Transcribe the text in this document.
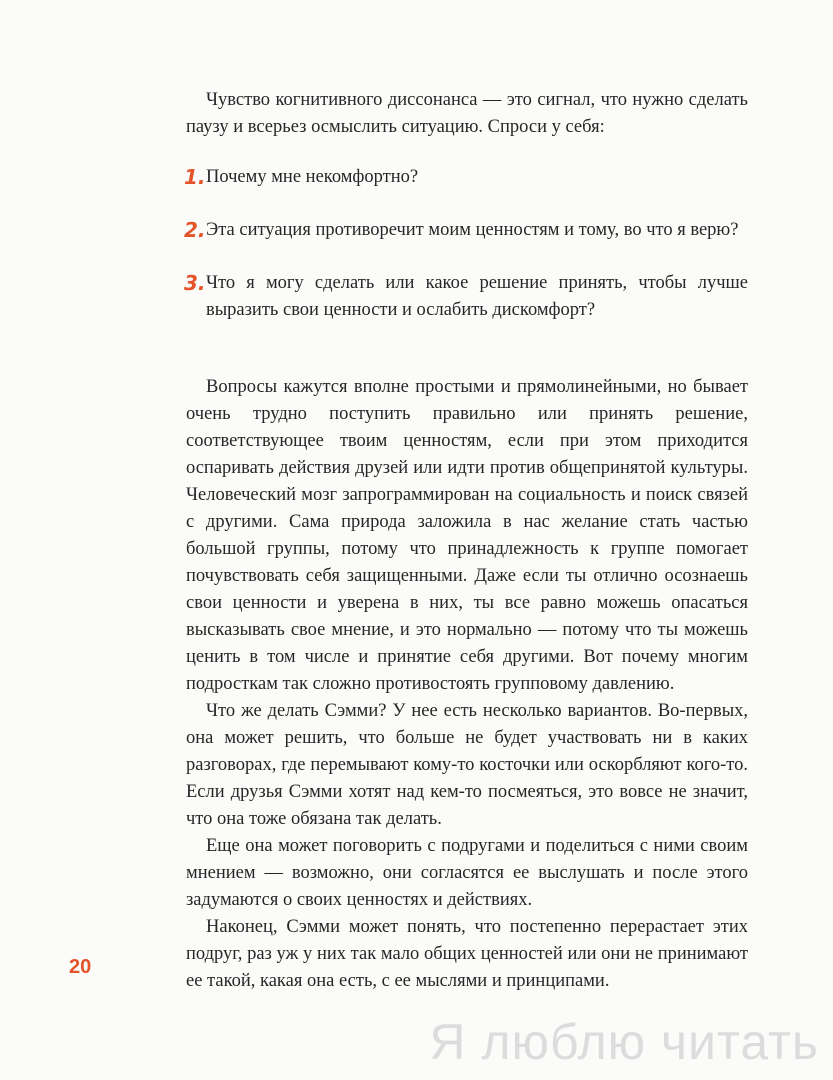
Чувство когнитивного диссонанса — это сигнал, что нужно сделать паузу и всерьез осмыслить ситуацию. Спроси у себя:

1. Почему мне некомфортно?
2. Эта ситуация противоречит моим ценностям и тому, во что я верю?
3. Что я могу сделать или какое решение принять, чтобы лучше выразить свои ценности и ослабить дискомфорт?

Вопросы кажутся вполне простыми и прямолинейными, но бывает очень трудно поступить правильно или принять решение, соответствующее твоим ценностям, если при этом приходится оспаривать действия друзей или идти против общепринятой культуры. Человеческий мозг запрограммирован на социальность и поиск связей с другими. Сама природа заложила в нас желание стать частью большой группы, потому что принадлежность к группе помогает почувствовать себя защищенными. Даже если ты отлично осознаешь свои ценности и уверена в них, ты все равно можешь опасаться высказывать свое мнение, и это нормально — потому что ты можешь ценить в том числе и принятие себя другими. Вот почему многим подросткам так сложно противостоять групповому давлению.

Что же делать Сэмми? У нее есть несколько вариантов. Во-первых, она может решить, что больше не будет участвовать ни в каких разговорах, где перемывают кому-то косточки или оскорбляют кого-то. Если друзья Сэмми хотят над кем-то посмеяться, это вовсе не значит, что она тоже обязана так делать.

Еще она может поговорить с подругами и поделиться с ними своим мнением — возможно, они согласятся ее выслушать и после этого задумаются о своих ценностях и действиях.

Наконец, Сэмми может понять, что постепенно перерастает этих подруг, раз уж у них так мало общих ценностей или они не принимают ее такой, какая она есть, с ее мыслями и принципами.

20
Я люблю читать
